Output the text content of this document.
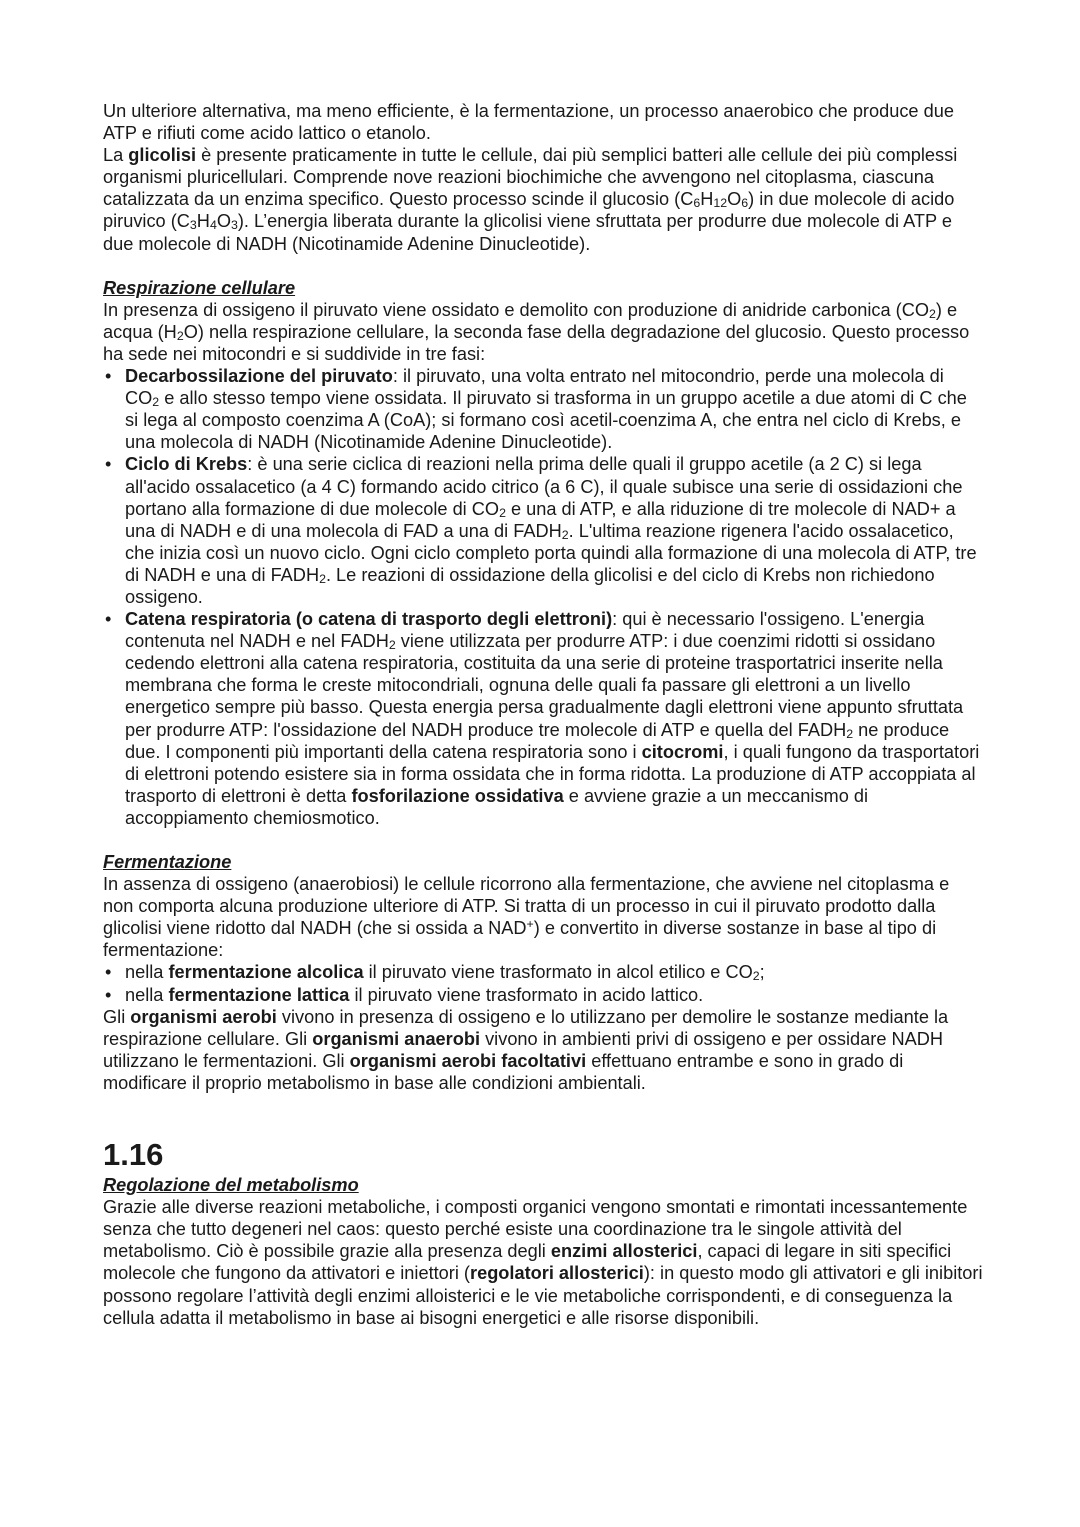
Un ulteriore alternativa, ma meno efficiente, è la fermentazione, un processo anaerobico che produce due ATP e rifiuti come acido lattico o etanolo.

La glicolisi è presente praticamente in tutte le cellule, dai più semplici batteri alle cellule dei più complessi organismi pluricellulari. Comprende nove reazioni biochimiche che avvengono nel citoplasma, ciascuna catalizzata da un enzima specifico. Questo processo scinde il glucosio $(C_6H_{12}O_6)$ in due molecole di acido piruvico $(C_3H_4O_3)$. L’energia liberata durante la glicolisi viene sfruttata per produrre due molecole di ATP e due molecole di NADH (Nicotinamide Adenine Dinucleotide).

Respirazione cellulare

In presenza di ossigeno il piruvato viene ossidato e demolito con produzione di anidride carbonica $(CO_2)$ e acqua $(H_2O)$ nella respirazione cellulare, la seconda fase della degradazione del glucosio. Questo processo ha sede nei mitocondri e si suddivide in tre fasi:

• Decarbossilazione del piruvato: il piruvato, una volta entrato nel mitocondrio, perde una molecola di $CO_2$ e allo stesso tempo viene ossidata. Il piruvato si trasforma in un gruppo acetile a due atomi di C che si lega al composto coenzima A (CoA); si formano così acetil-coenzima A, che entra nel ciclo di Krebs, e una molecola di NADH (Nicotinamide Adenine Dinucleotide).
• Ciclo di Krebs: è una serie ciclica di reazioni nella prima delle quali il gruppo acetile (a 2 C) si lega all'acido ossalacetico (a 4 C) formando acido citrico (a 6 C), il quale subisce una serie di ossidazioni che portano alla formazione di due molecole di $CO_2$ e una di ATP, e alla riduzione di tre molecole di NAD+ a una di NADH e di una molecola di FAD a una di $FADH_2$. L'ultima reazione rigenera l'acido ossalacetico, che inizia così un nuovo ciclo. Ogni ciclo completo porta quindi alla formazione di una molecola di ATP, tre di NADH e una di $FADH_2$. Le reazioni di ossidazione della glicolisi e del ciclo di Krebs non richiedono ossigeno.
• Catena respiratoria (o catena di trasporto degli elettroni): qui è necessario l'ossigeno. L'energia contenuta nel NADH e nel $FADH_2$ viene utilizzata per produrre ATP: i due coenzimi ridotti si ossidano cedendo elettroni alla catena respiratoria, costituita da una serie di proteine trasportatrici inserite nella membrana che forma le creste mitocondriali, ognuna delle quali fa passare gli elettroni a un livello energetico sempre più basso. Questa energia persa gradualmente dagli elettroni viene appunto sfruttata per produrre ATP: l'ossidazione del NADH produce tre molecole di ATP e quella del $FADH_2$ ne produce due. I componenti più importanti della catena respiratoria sono i citocromi, i quali fungono da trasportatori di elettroni potendo esistere sia in forma ossidata che in forma ridotta. La produzione di ATP accoppiata al trasporto di elettroni è detta fosforilazione ossidativa e avviene grazie a un meccanismo di accoppiamento chemiosmotico.

Fermentazione

In assenza di ossigeno (anaerobiosi) le cellule ricorrono alla fermentazione, che avviene nel citoplasma e non comporta alcuna produzione ulteriore di ATP. Si tratta di un processo in cui il piruvato prodotto dalla glicolisi viene ridotto dal NADH (che si ossida a NAD+) e convertito in diverse sostanze in base al tipo di fermentazione:

• nella fermentazione alcolica il piruvato viene trasformato in alcol etilico e $CO_2$;
• nella fermentazione lattica il piruvato viene trasformato in acido lattico.

Gli organismi aerobi vivono in presenza di ossigeno e lo utilizzano per demolire le sostanze mediante la respirazione cellulare. Gli organismi anaerobi vivono in ambienti privi di ossigeno e per ossidare NADH utilizzano le fermentazioni. Gli organismi aerobi facoltativi effettuano entrambe e sono in grado di modificare il proprio metabolismo in base alle condizioni ambientali.

1.16

Regolazione del metabolismo

Grazie alle diverse reazioni metaboliche, i composti organici vengono smontati e rimontati incessantemente senza che tutto degeneri nel caos: questo perché esiste una coordinazione tra le singole attività del metabolismo. Ciò è possibile grazie alla presenza degli enzimi allosterici, capaci di legare in siti specifici molecole che fungono da attivatori e iniettori (regolatori allosterici): in questo modo gli attivatori e gli inibitori possono regolare l’attività degli enzimi alloisterici e le vie metaboliche corrispondenti, e di conseguenza la cellula adatta il metabolismo in base ai bisogni energetici e alle risorse disponibili.
